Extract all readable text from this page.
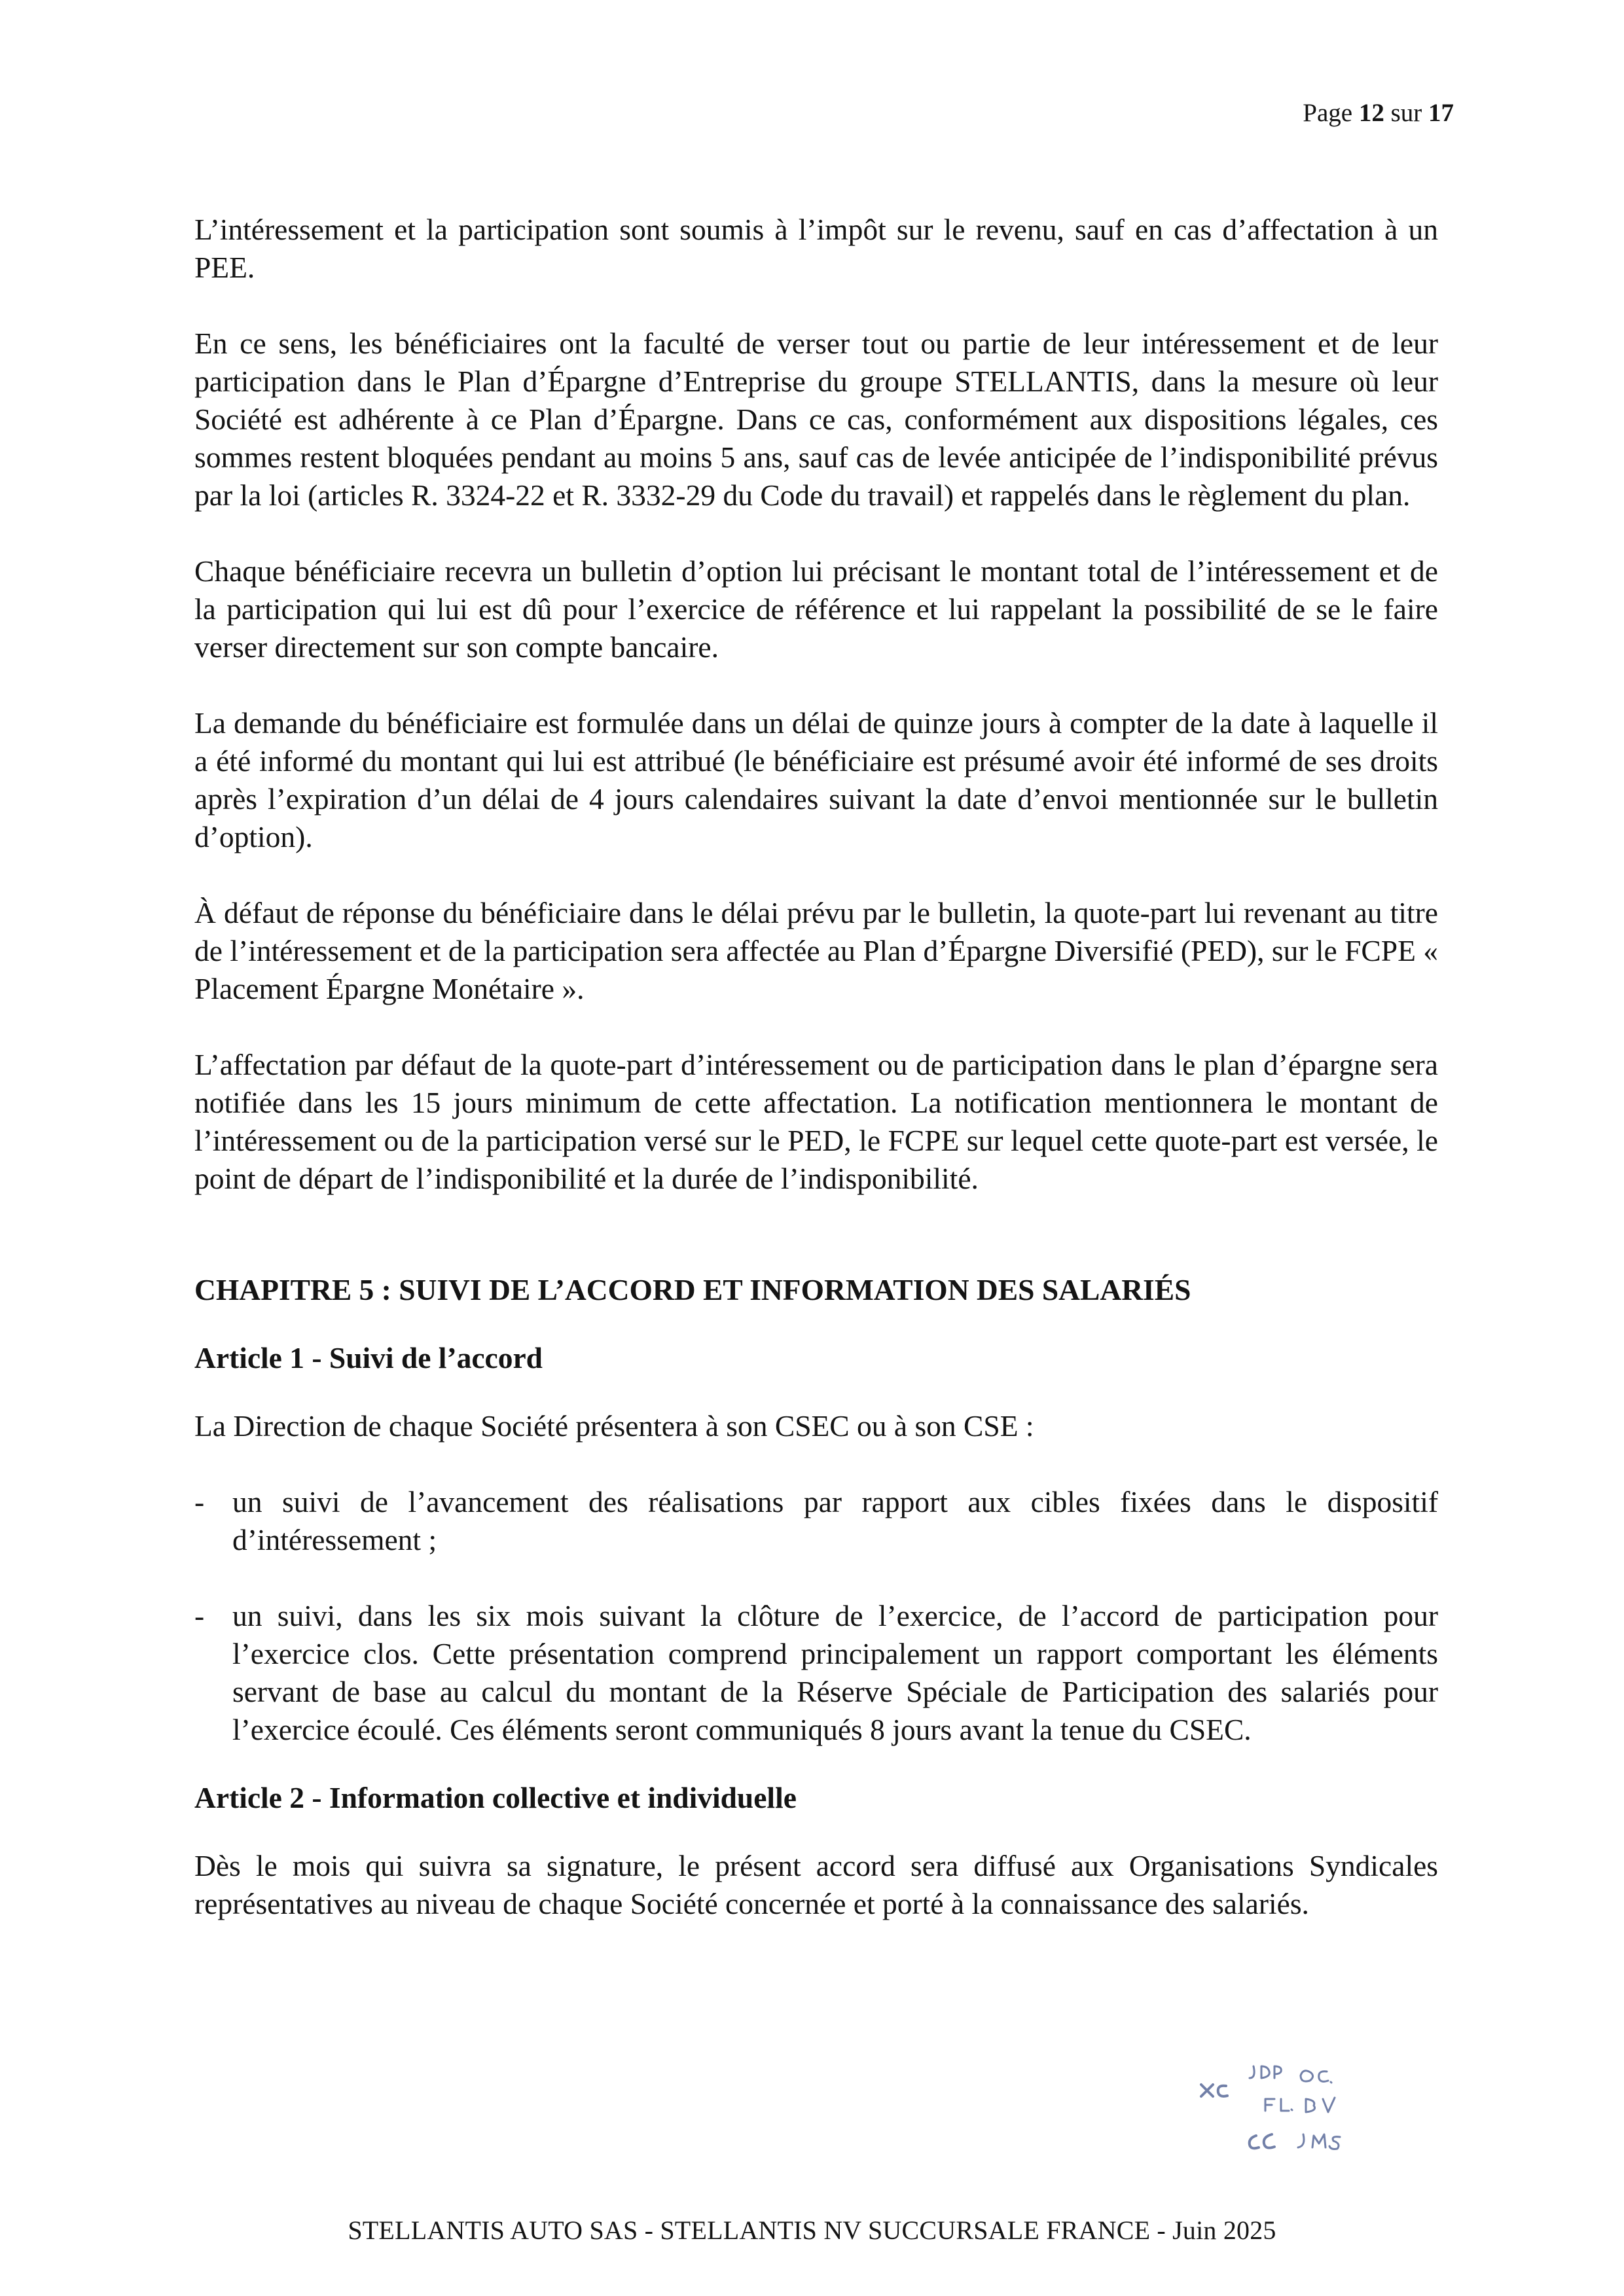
Page 12 sur 17

L’intéressement et la participation sont soumis à l’impôt sur le revenu, sauf en cas d’affectation à un PEE.

En ce sens, les bénéficiaires ont la faculté de verser tout ou partie de leur intéressement et de leur participation dans le Plan d’Épargne d’Entreprise du groupe STELLANTIS, dans la mesure où leur Société est adhérente à ce Plan d’Épargne. Dans ce cas, conformément aux dispositions légales, ces sommes restent bloquées pendant au moins 5 ans, sauf cas de levée anticipée de l’indisponibilité prévus par la loi (articles R. 3324-22 et R. 3332-29 du Code du travail) et rappelés dans le règlement du plan.

Chaque bénéficiaire recevra un bulletin d’option lui précisant le montant total de l’intéressement et de la participation qui lui est dû pour l’exercice de référence et lui rappelant la possibilité de se le faire verser directement sur son compte bancaire.

La demande du bénéficiaire est formulée dans un délai de quinze jours à compter de la date à laquelle il a été informé du montant qui lui est attribué (le bénéficiaire est présumé avoir été informé de ses droits après l’expiration d’un délai de 4 jours calendaires suivant la date d’envoi mentionnée sur le bulletin d’option).

À défaut de réponse du bénéficiaire dans le délai prévu par le bulletin, la quote-part lui revenant au titre de l’intéressement et de la participation sera affectée au Plan d’Épargne Diversifié (PED), sur le FCPE « Placement Épargne Monétaire ».

L’affectation par défaut de la quote-part d’intéressement ou de participation dans le plan d’épargne sera notifiée dans les 15 jours minimum de cette affectation. La notification mentionnera le montant de l’intéressement ou de la participation versé sur le PED, le FCPE sur lequel cette quote-part est versée, le point de départ de l’indisponibilité et la durée de l’indisponibilité.

CHAPITRE 5 : SUIVI DE L’ACCORD ET INFORMATION DES SALARIÉS
Article 1 - Suivi de l’accord

La Direction de chaque Société présentera à son CSEC ou à son CSE :

- un suivi de l’avancement des réalisations par rapport aux cibles fixées dans le dispositif d’intéressement ;
- un suivi, dans les six mois suivant la clôture de l’exercice, de l’accord de participation pour l’exercice clos. Cette présentation comprend principalement un rapport comportant les éléments servant de base au calcul du montant de la Réserve Spéciale de Participation des salariés pour l’exercice écoulé. Ces éléments seront communiqués 8 jours avant la tenue du CSEC.
Article 2 - Information collective et individuelle

Dès le mois qui suivra sa signature, le présent accord sera diffusé aux Organisations Syndicales représentatives au niveau de chaque Société concernée et porté à la connaissance des salariés.

STELLANTIS AUTO SAS - STELLANTIS NV SUCCURSALE FRANCE - Juin 2025
